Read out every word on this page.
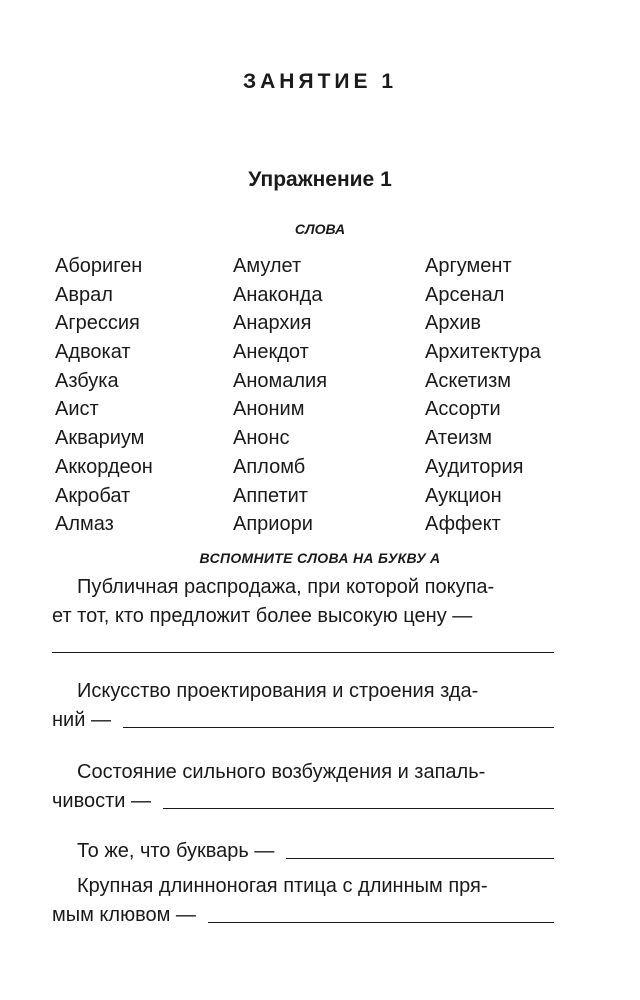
ЗАНЯТИЕ 1
Упражнение 1
СЛОВА
Абориген
Аврал
Агрессия
Адвокат
Азбука
Аист
Аквариум
Аккордеон
Акробат
Алмаз
Амулет
Анаконда
Анархия
Анекдот
Аномалия
Аноним
Анонс
Апломб
Аппетит
Априори
Аргумент
Арсенал
Архив
Архитектура
Аскетизм
Ассорти
Атеизм
Аудитория
Аукцион
Аффект
ВСПОМНИТЕ СЛОВА НА БУКВУ А
Публичная распродажа, при которой покупа-
ет тот, кто предложит более высокую цену —
Искусство проектирования и строения зда-
ний —
Состояние сильного возбуждения и запаль-
чивости —
То же, что букварь —
Крупная длинноногая птица с длинным пря-
мым клювом —
